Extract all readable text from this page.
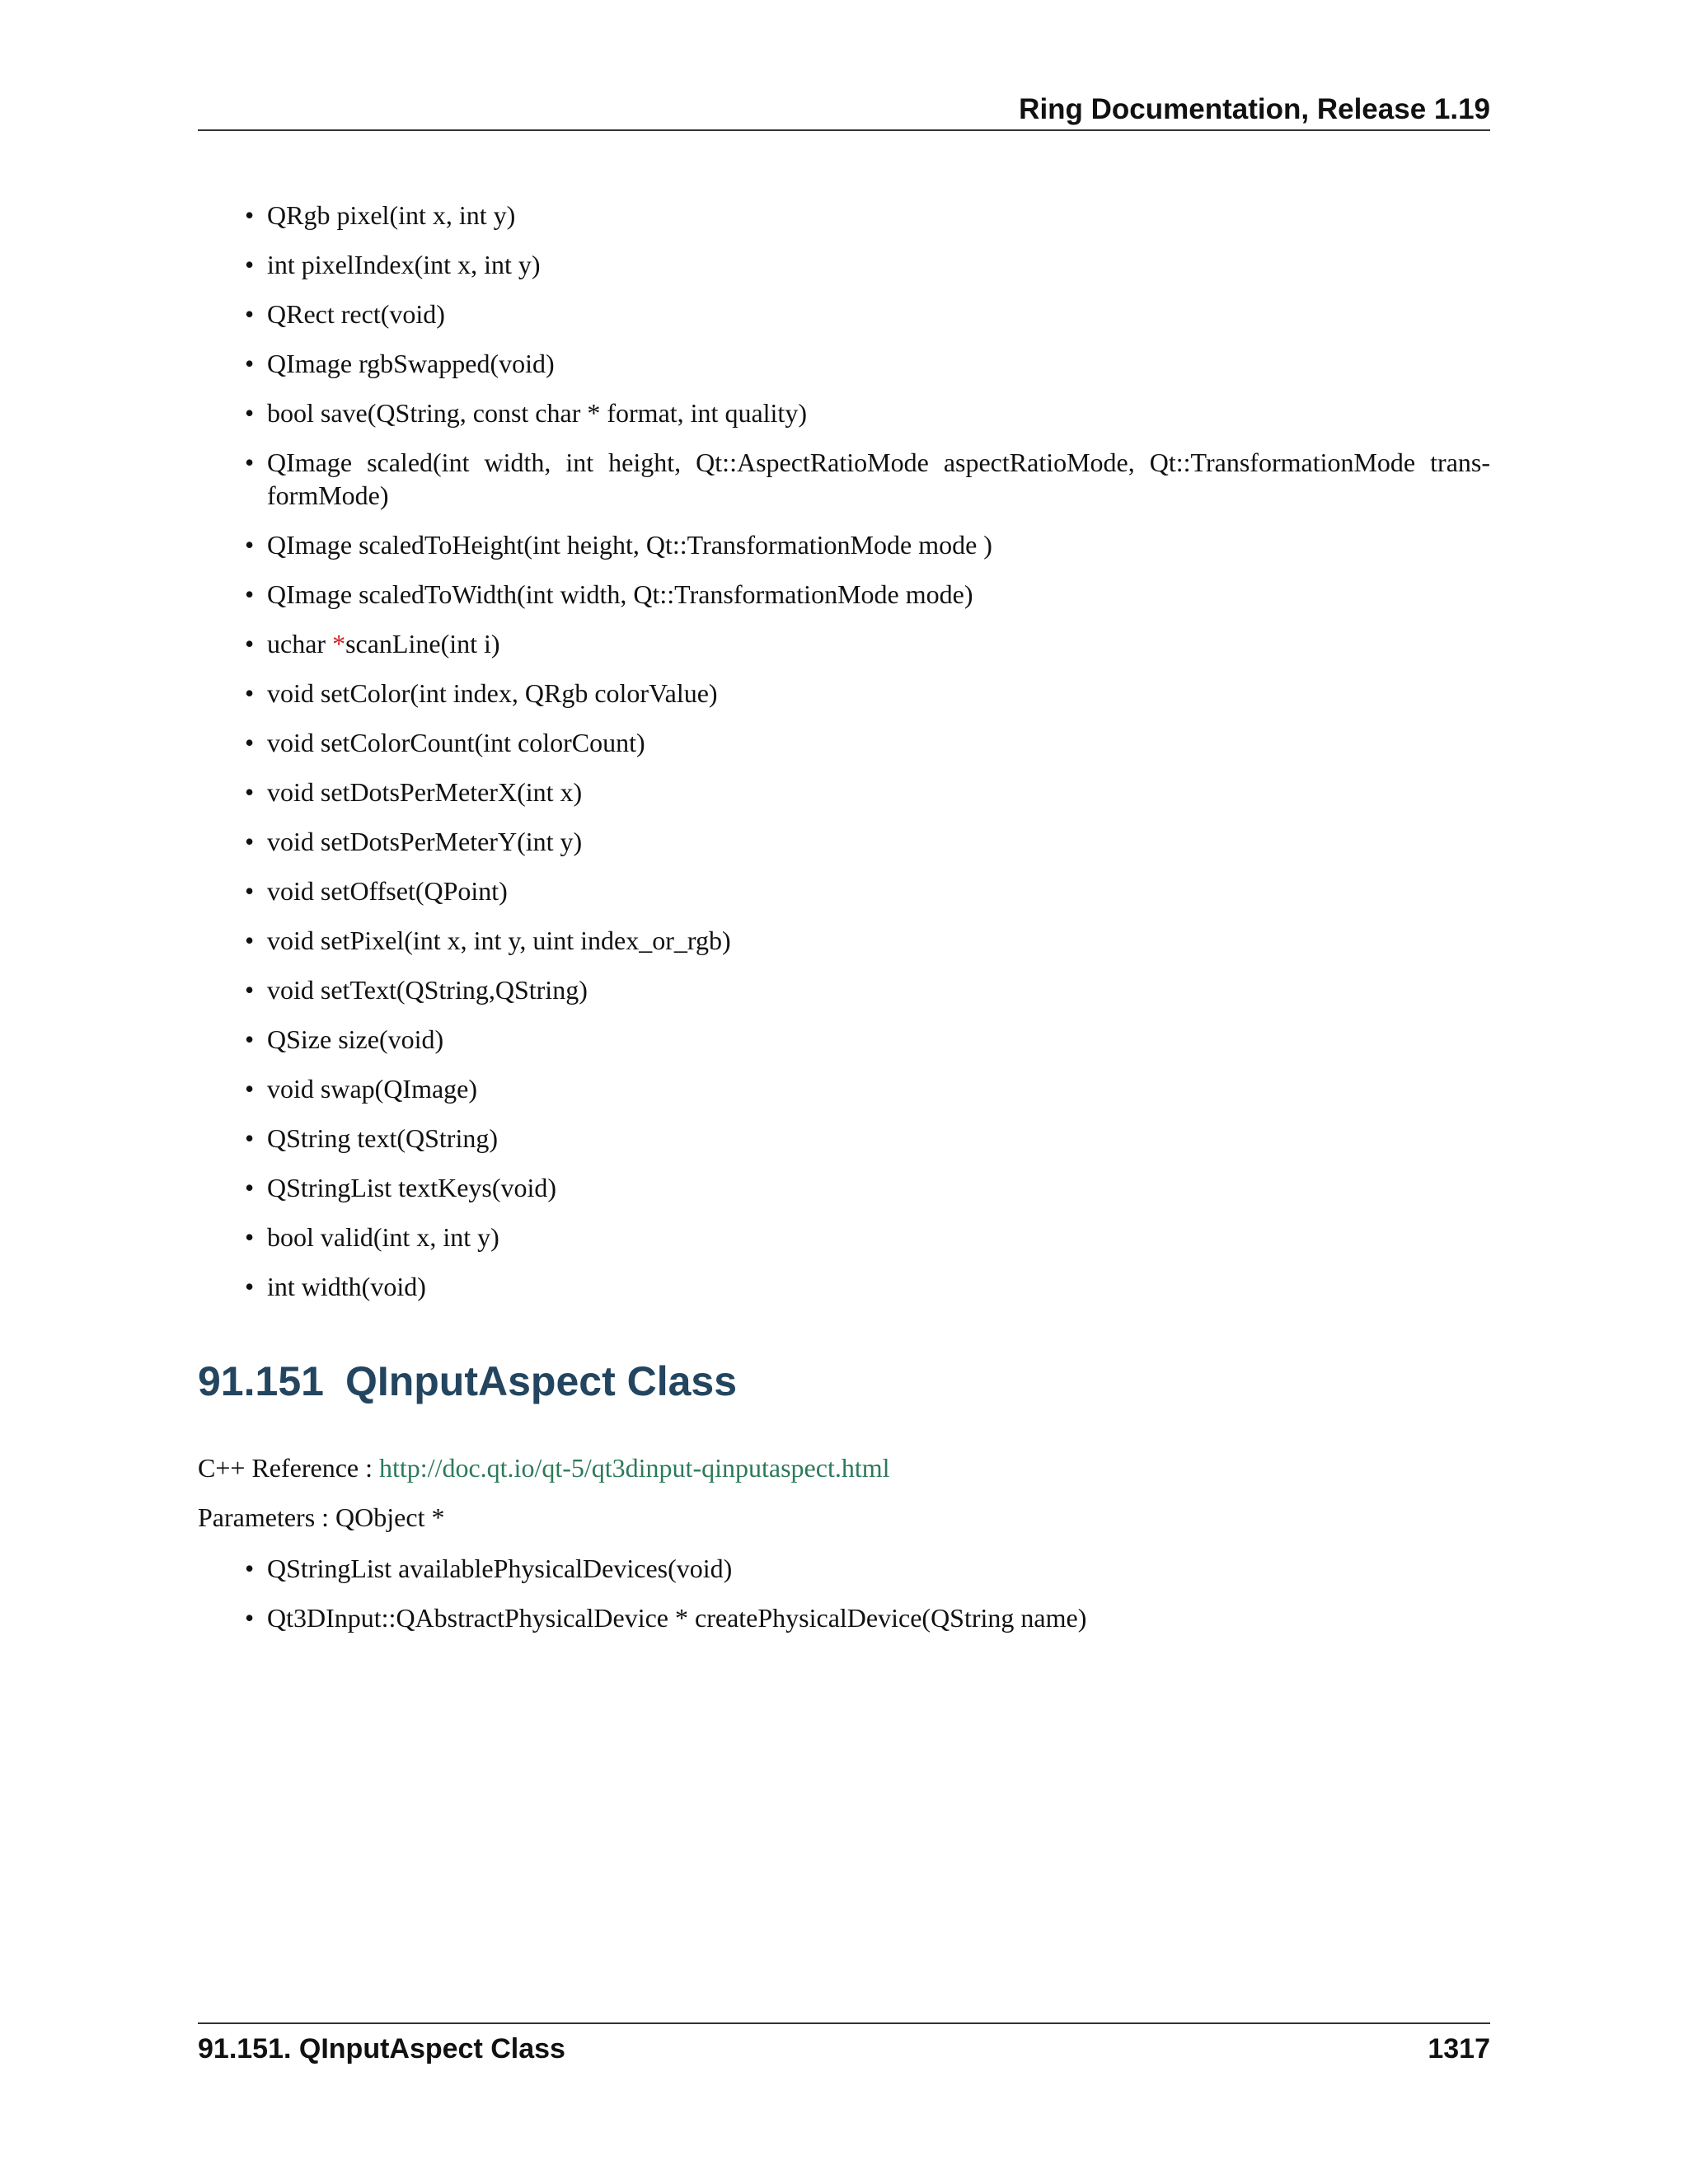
Ring Documentation, Release 1.19
• QRgb pixel(int x, int y)
• int pixelIndex(int x, int y)
• QRect rect(void)
• QImage rgbSwapped(void)
• bool save(QString, const char * format, int quality)
• QImage scaled(int width, int height, Qt::AspectRatioMode aspectRatioMode, Qt::TransformationMode trans-formMode)
• QImage scaledToHeight(int height, Qt::TransformationMode mode )
• QImage scaledToWidth(int width, Qt::TransformationMode mode)
• uchar *scanLine(int i)
• void setColor(int index, QRgb colorValue)
• void setColorCount(int colorCount)
• void setDotsPerMeterX(int x)
• void setDotsPerMeterY(int y)
• void setOffset(QPoint)
• void setPixel(int x, int y, uint index_or_rgb)
• void setText(QString,QString)
• QSize size(void)
• void swap(QImage)
• QString text(QString)
• QStringList textKeys(void)
• bool valid(int x, int y)
• int width(void)
91.151 QInputAspect Class
C++ Reference : http://doc.qt.io/qt-5/qt3dinput-qinputaspect.html
Parameters : QObject *
• QStringList availablePhysicalDevices(void)
• Qt3DInput::QAbstractPhysicalDevice * createPhysicalDevice(QString name)
91.151. QInputAspect Class	1317
